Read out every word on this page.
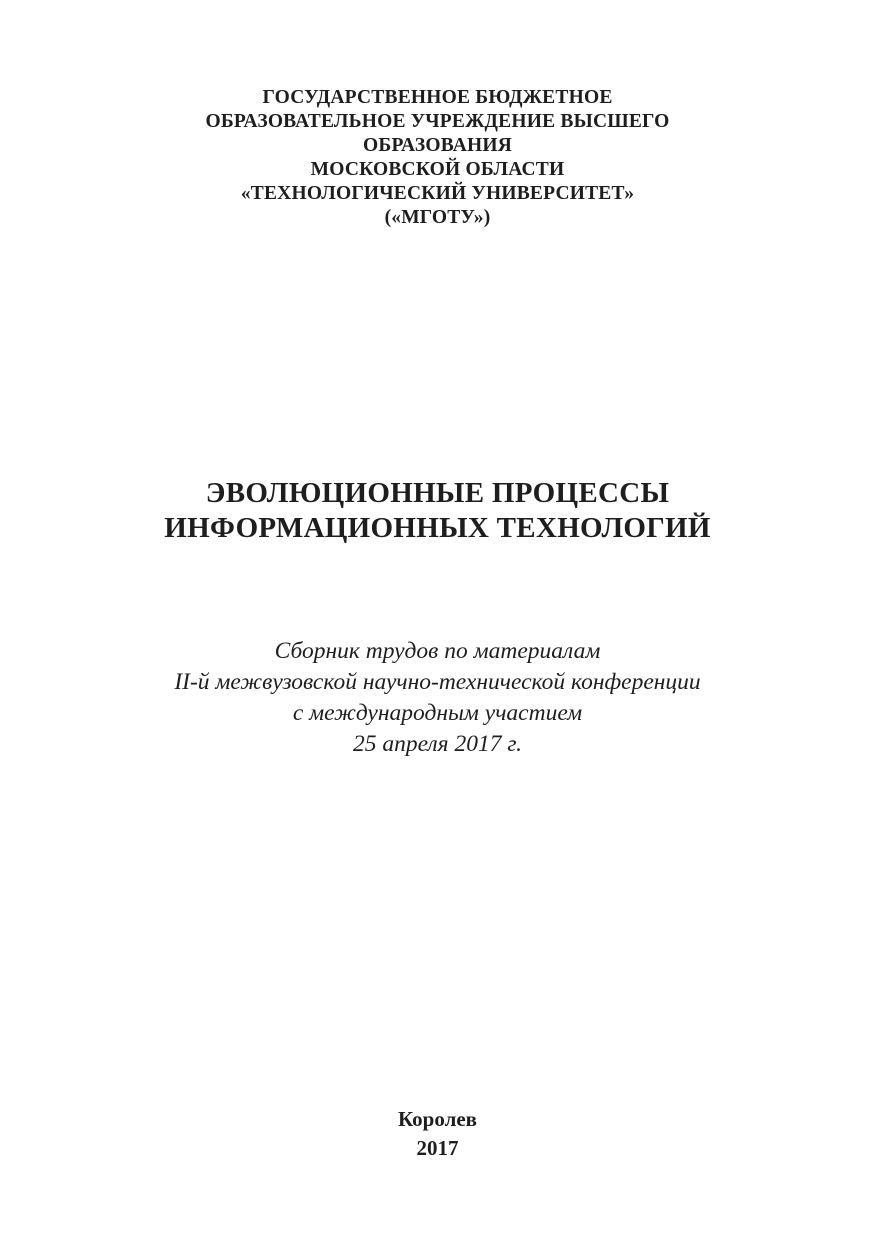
ГОСУДАРСТВЕННОЕ БЮДЖЕТНОЕ
ОБРАЗОВАТЕЛЬНОЕ УЧРЕЖДЕНИЕ ВЫСШЕГО
ОБРАЗОВАНИЯ
МОСКОВСКОЙ ОБЛАСТИ
«ТЕХНОЛОГИЧЕСКИЙ УНИВЕРСИТЕТ»
(«МГОТУ»)
ЭВОЛЮЦИОННЫЕ ПРОЦЕССЫ
ИНФОРМАЦИОННЫХ ТЕХНОЛОГИЙ
Сборник трудов по материалам
II-й межвузовской научно-технической конференции
с международным участием
25 апреля 2017 г.
Королев
2017
